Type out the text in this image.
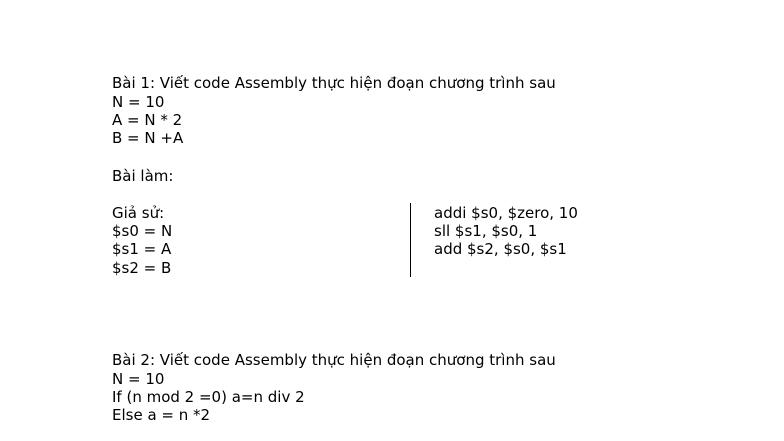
Bài 1: Viết code Assembly thực hiện đoạn chương trình sau
N = 10
A = N * 2
B = N +A
Bài làm:
Giả sử:
$s0 = N
$s1 = A
$s2 = B
addi $s0, $zero, 10
sll $s1, $s0, 1
add $s2, $s0, $s1
Bài 2: Viết code Assembly thực hiện đoạn chương trình sau
N = 10
If (n mod 2 =0) a=n div 2
Else a = n *2
